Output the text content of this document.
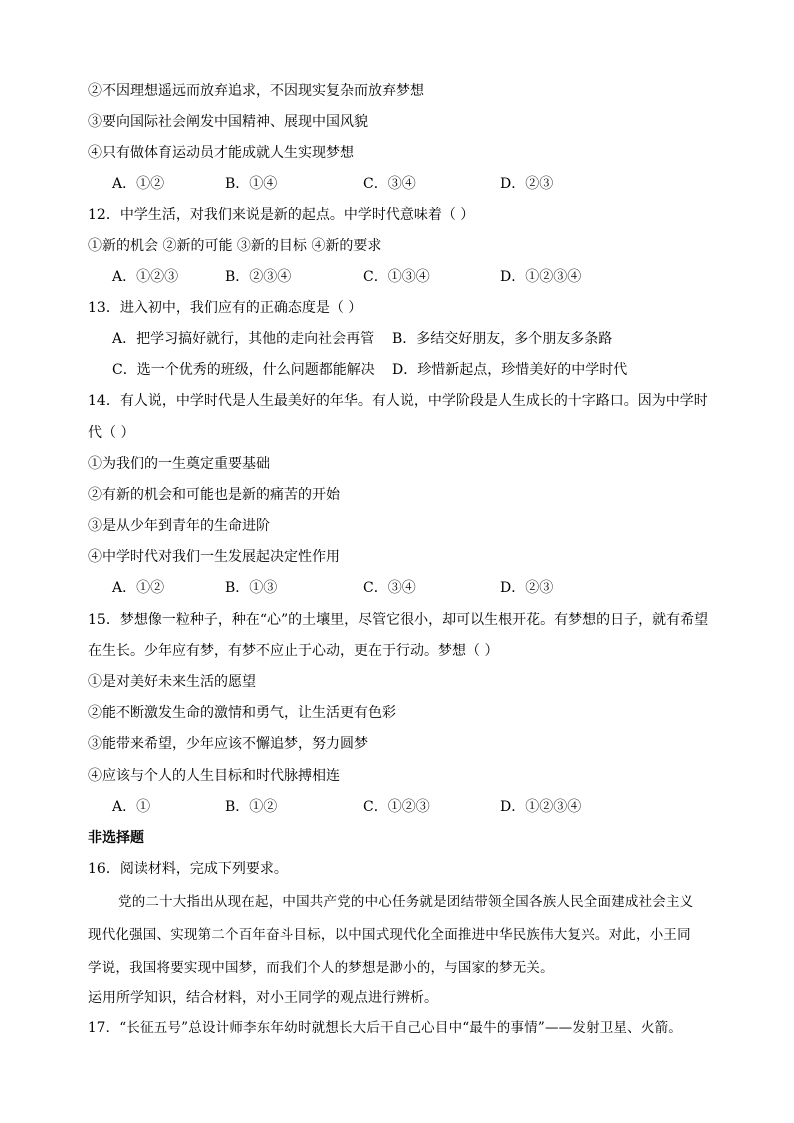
②不因理想遥远而放弃追求，不因现实复杂而放弃梦想
③要向国际社会阐发中国精神、展现中国风貌
④只有做体育运动员才能成就人生实现梦想
A．①②	B．①④	C．③④	D．②③
12．中学生活，对我们来说是新的起点。中学时代意味着（ ）
①新的机会 ②新的可能 ③新的目标 ④新的要求
A．①②③	B．②③④	C．①③④	D．①②③④
13．进入初中，我们应有的正确态度是（ ）
A．把学习搞好就行，其他的走向社会再管 B．多结交好朋友，多个朋友多条路
C．选一个优秀的班级，什么问题都能解决 D．珍惜新起点，珍惜美好的中学时代
14．有人说，中学时代是人生最美好的年华。有人说，中学阶段是人生成长的十字路口。因为中学时
代（ ）
①为我们的一生奠定重要基础
②有新的机会和可能也是新的痛苦的开始
③是从少年到青年的生命进阶
④中学时代对我们一生发展起决定性作用
A．①②	B．①③	C．③④	D．②③
15．梦想像一粒种子，种在“心”的土壤里，尽管它很小，却可以生根开花。有梦想的日子，就有希望
在生长。少年应有梦，有梦不应止于心动，更在于行动。梦想（ ）
①是对美好未来生活的愿望
②能不断激发生命的激情和勇气，让生活更有色彩
③能带来希望，少年应该不懈追梦，努力圆梦
④应该与个人的人生目标和时代脉搏相连
A．①	B．①②	C．①②③	D．①②③④
非选择题
16．阅读材料，完成下列要求。
党的二十大指出从现在起，中国共产党的中心任务就是团结带领全国各族人民全面建成社会主义
现代化强国、实现第二个百年奋斗目标，以中国式现代化全面推进中华民族伟大复兴。对此，小王同
学说，我国将要实现中国梦，而我们个人的梦想是渺小的，与国家的梦无关。
运用所学知识，结合材料，对小王同学的观点进行辨析。
17．“长征五号”总设计师李东年幼时就想长大后干自己心目中“最牛的事情”——发射卫星、火箭。
